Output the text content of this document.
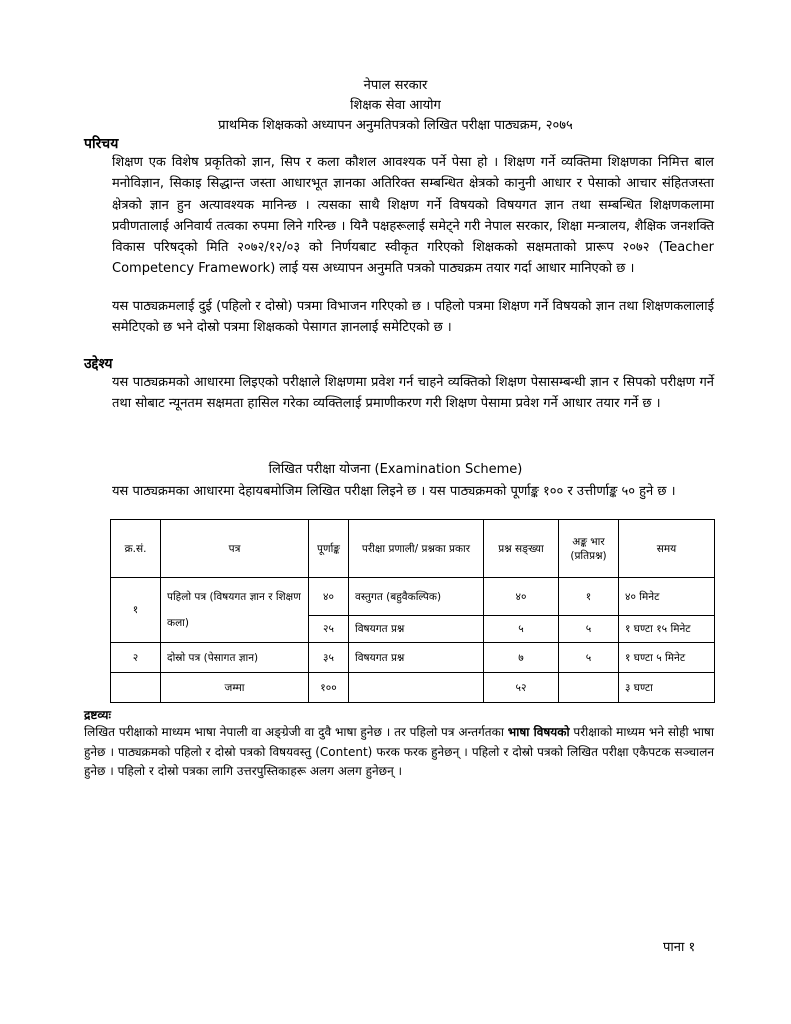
नेपाल सरकार
शिक्षक सेवा आयोग
प्राथमिक शिक्षकको अध्यापन अनुमतिपत्रको लिखित परीक्षा पाठ्यक्रम, २०७५
परिचय

शिक्षण एक विशेष प्रकृतिको ज्ञान, सिप र कला कौशल आवश्यक पर्ने पेसा हो । शिक्षण गर्ने व्यक्तिमा शिक्षणका निमित्त बाल मनोविज्ञान, सिकाइ सिद्धान्त जस्ता आधारभूत ज्ञानका अतिरिक्त सम्बन्धित क्षेत्रको कानुनी आधार र पेसाको आचार संहितजस्ता क्षेत्रको ज्ञान हुन अत्यावश्यक मानिन्छ । त्यसका साथै शिक्षण गर्ने विषयको विषयगत ज्ञान तथा सम्बन्धित शिक्षणकलामा प्रवीणतालाई अनिवार्य तत्वका रुपमा लिने गरिन्छ । यिनै पक्षहरूलाई समेट्ने गरी नेपाल सरकार, शिक्षा मन्त्रालय, शैक्षिक जनशक्ति विकास परिषद्को मिति २०७२/१२/०३ को निर्णयबाट स्वीकृत गरिएको शिक्षकको सक्षमताको प्रारूप २०७२ (Teacher Competency Framework) लाई यस अध्यापन अनुमति पत्रको पाठ्यक्रम तयार गर्दा आधार मानिएको छ ।

यस पाठ्यक्रमलाई दुई (पहिलो र दोस्रो) पत्रमा विभाजन गरिएको छ । पहिलो पत्रमा शिक्षण गर्ने विषयको ज्ञान तथा शिक्षणकलालाई समेटिएको छ भने दोस्रो पत्रमा शिक्षकको पेसागत ज्ञानलाई समेटिएको छ ।

उद्देश्य

यस पाठ्यक्रमको आधारमा लिइएको परीक्षाले शिक्षणमा प्रवेश गर्न चाहने व्यक्तिको शिक्षण पेसासम्बन्धी ज्ञान र सिपको परीक्षण गर्ने तथा सोबाट न्यूनतम सक्षमता हासिल गरेका व्यक्तिलाई प्रमाणीकरण गरी शिक्षण पेसामा प्रवेश गर्ने आधार तयार गर्ने छ ।

लिखित परीक्षा योजना (Examination Scheme)

यस पाठ्यक्रमका आधारमा देहायबमोजिम लिखित परीक्षा लिइने छ । यस पाठ्यक्रमको पूर्णाङ्क १०० र उत्तीर्णाङ्क ५० हुने छ ।

क्र.सं.	पत्र	पूर्णाङ्क	परीक्षा प्रणाली/ प्रश्नका प्रकार	प्रश्न सङ्ख्या	अङ्क भार (प्रतिप्रश्न)	समय
१	पहिलो पत्र (विषयगत ज्ञान र शिक्षण कला)	४०	वस्तुगत (बहुवैकल्पिक)	४०	१	४० मिनेट
		२५	विषयगत प्रश्न	५	५	१ घण्टा १५ मिनेट
२	दोस्रो पत्र (पेसागत ज्ञान)	३५	विषयगत प्रश्न	७	५	१ घण्टा ५ मिनेट
	जम्मा	१००		५२		३ घण्टा
द्रष्टव्यः

लिखित परीक्षाको माध्यम भाषा नेपाली वा अङ्ग्रेजी वा दुवै भाषा हुनेछ । तर पहिलो पत्र अन्तर्गतका भाषा विषयको परीक्षाको माध्यम भने सोही भाषा हुनेछ । पाठ्यक्रमको पहिलो र दोस्रो पत्रको विषयवस्तु (Content) फरक फरक हुनेछन् । पहिलो र दोस्रो पत्रको लिखित परीक्षा एकैपटक सञ्चालन हुनेछ । पहिलो र दोस्रो पत्रका लागि उत्तरपुस्तिकाहरू अलग अलग हुनेछन् ।

पाना १
